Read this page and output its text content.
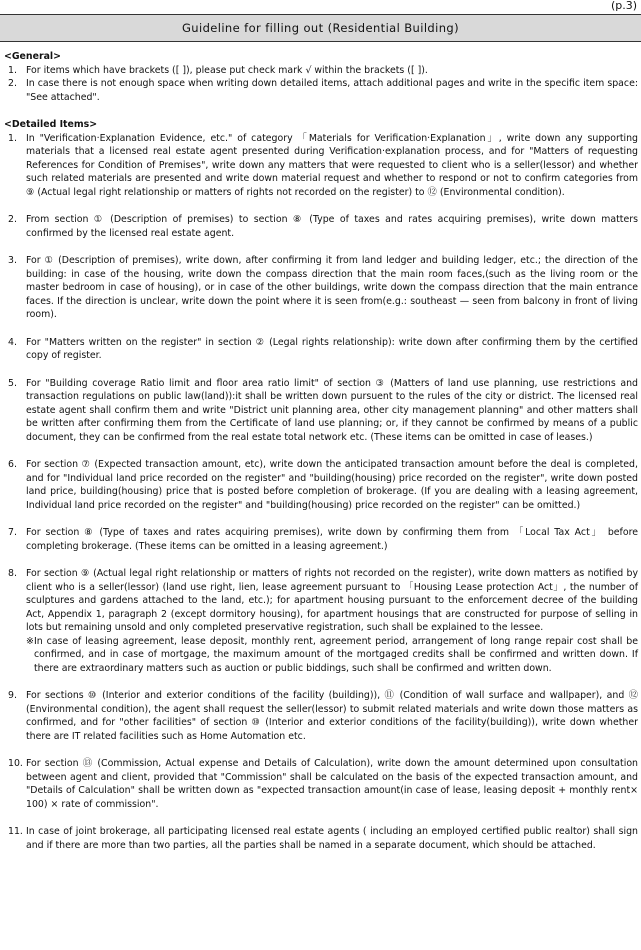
(p.3)
Guideline for filling out (Residential Building)

<General>

1. For items which have brackets ([ ]), please put check mark √ within the brackets ([ ]).
2. In case there is not enough space when writing down detailed items, attach additional pages and write in the specific item space: "See attached".

<Detailed Items>

1. In "Verification·Explanation Evidence, etc." of category 「Materials for Verification·Explanation」, write down any supporting materials that a licensed real estate agent presented during Verification·explanation process, and for "Matters of requesting References for Condition of Premises", write down any matters that were requested to client who is a seller(lessor) and whether such related materials are presented and write down material request and whether to respond or not to confirm categories from ⑨ (Actual legal right relationship or matters of rights not recorded on the register) to ⑫ (Environmental condition).
2. From section ① (Description of premises) to section ⑧ (Type of taxes and rates acquiring premises), write down matters confirmed by the licensed real estate agent.
3. For ① (Description of premises), write down, after confirming it from land ledger and building ledger, etc.; the direction of the building: in case of the housing, write down the compass direction that the main room faces,(such as the living room or the master bedroom in case of housing), or in case of the other buildings, write down the compass direction that the main entrance faces. If the direction is unclear, write down the point where it is seen from(e.g.: southeast — seen from balcony in front of living room).
4. For "Matters written on the register" in section ② (Legal rights relationship): write down after confirming them by the certified copy of register.
5. For "Building coverage Ratio limit and floor area ratio limit" of section ③ (Matters of land use planning, use restrictions and transaction regulations on public law(land)):it shall be written down pursuent to the rules of the city or district. The licensed real estate agent shall confirm them and write "District unit planning area, other city management planning" and other matters shall be written after confirming them from the Certificate of land use planning; or, if they cannot be confirmed by means of a public document, they can be confirmed from the real estate total network etc. (These items can be omitted in case of leases.)
6. For section ⑦ (Expected transaction amount, etc), write down the anticipated transaction amount before the deal is completed, and for "Individual land price recorded on the register" and "building(housing) price recorded on the register", write down posted land price, building(housing) price that is posted before completion of brokerage. (If you are dealing with a leasing agreement, Individual land price recorded on the register" and "building(housing) price recorded on the register" can be omitted.)
7. For section ⑧ (Type of taxes and rates acquiring premises), write down by confirming them from 「Local Tax Act」 before completing brokerage. (These items can be omitted in a leasing agreement.)
8. For section ⑨ (Actual legal right relationship or matters of rights not recorded on the register), write down matters as notified by client who is a seller(lessor) (land use right, lien, lease agreement pursuant to 「Housing Lease protection Act」, the number of sculptures and gardens attached to the land, etc.); for apartment housing pursuant to the enforcement decree of the building Act, Appendix 1, paragraph 2 (except dormitory housing), for apartment housings that are constructed for purpose of selling in lots but remaining unsold and only completed preservative registration, such shall be explained to the lessee.
※ In case of leasing agreement, lease deposit, monthly rent, agreement period, arrangement of long range repair cost shall be confirmed, and in case of mortgage, the maximum amount of the mortgaged credits shall be confirmed and written down. If there are extraordinary matters such as auction or public biddings, such shall be confirmed and written down.
9. For sections ⑩ (Interior and exterior conditions of the facility (building)), ⑪ (Condition of wall surface and wallpaper), and ⑫ (Environmental condition), the agent shall request the seller(lessor) to submit related materials and write down those matters as confirmed, and for "other facilities" of section ⑩ (Interior and exterior conditions of the facility(building)), write down whether there are IT related facilities such as Home Automation etc.
10. For section ⑬ (Commission, Actual expense and Details of Calculation), write down the amount determined upon consultation between agent and client, provided that "Commission" shall be calculated on the basis of the expected transaction amount, and "Details of Calculation" shall be written down as "expected transaction amount(in case of lease, leasing deposit + monthly rent× 100) × rate of commission".
11. In case of joint brokerage, all participating licensed real estate agents ( including an employed certified public realtor) shall sign and if there are more than two parties, all the parties shall be named in a separate document, which should be attached.
